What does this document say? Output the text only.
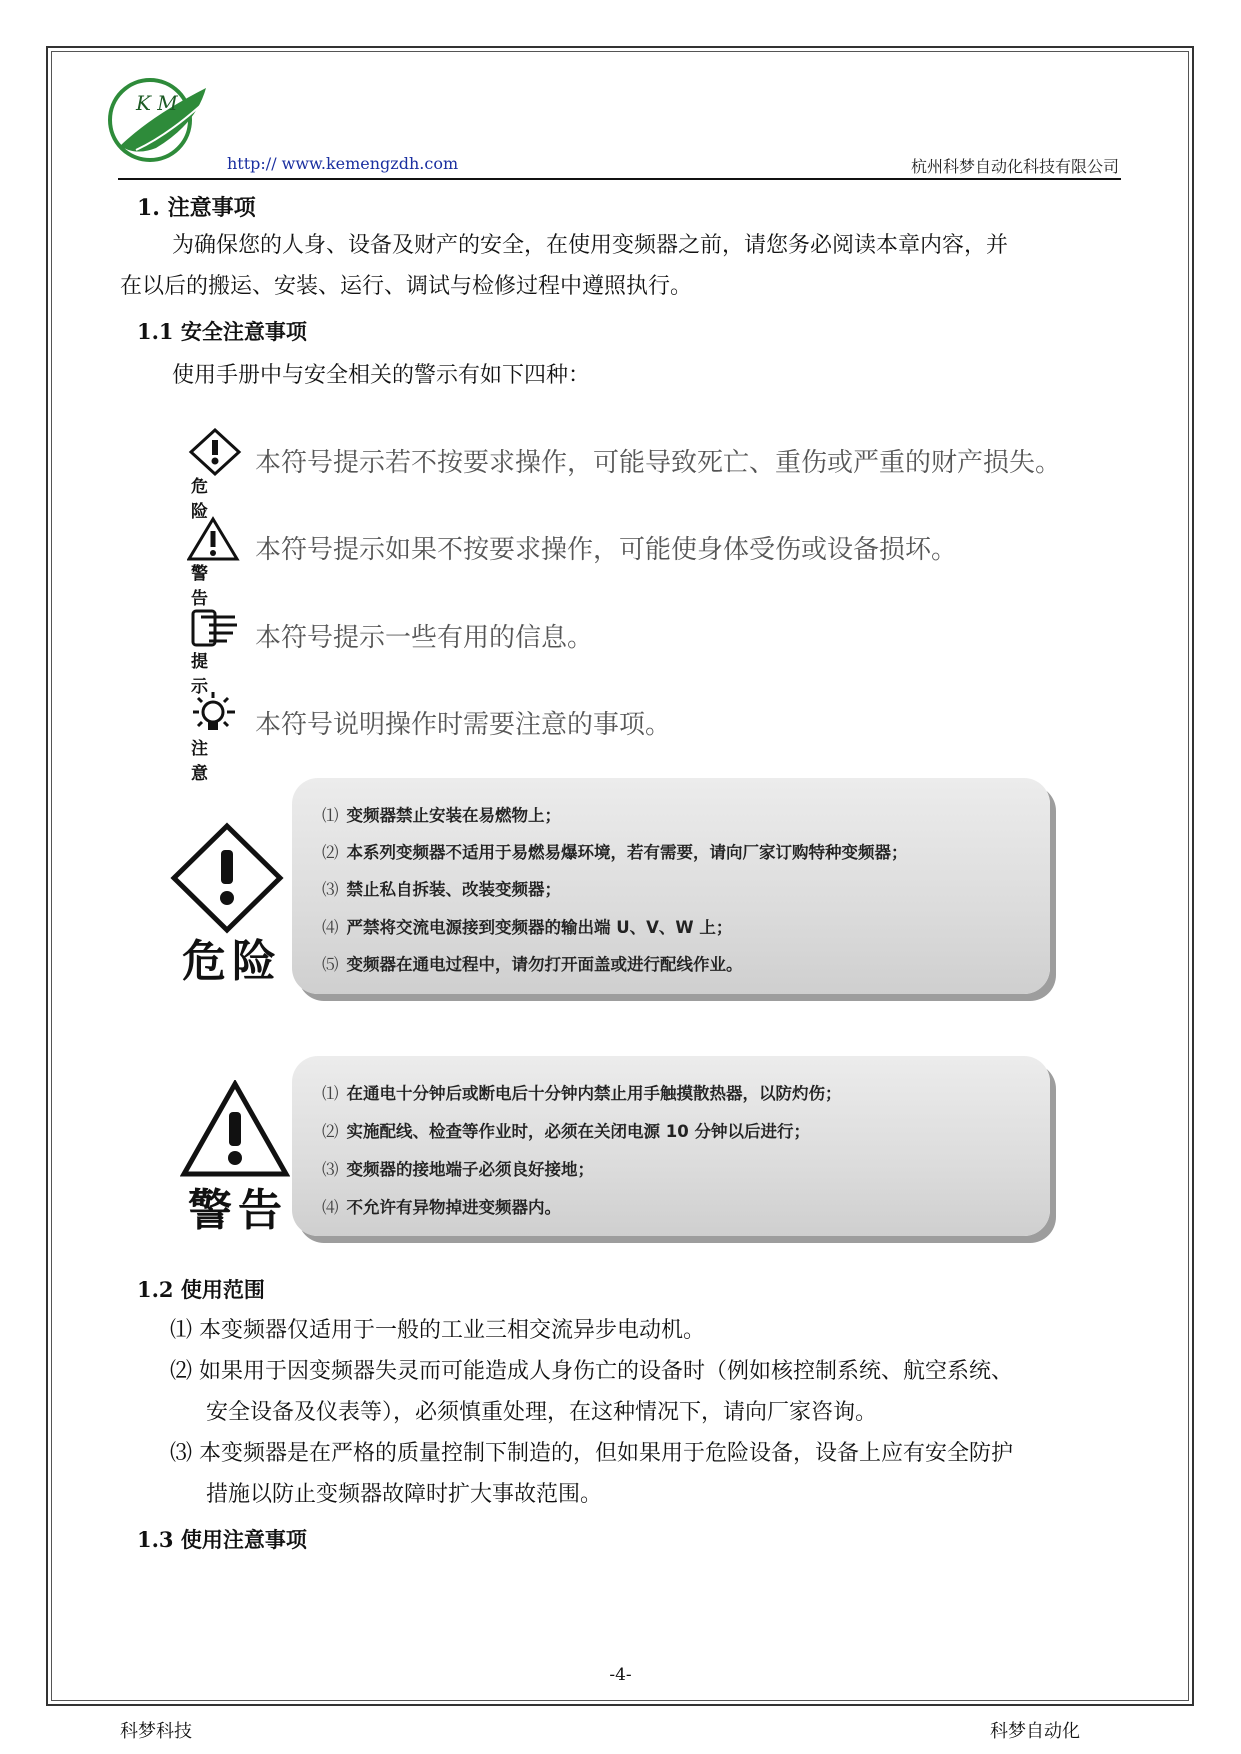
K M
http:// www.kemengzdh.com	杭州科梦自动化科技有限公司
1. 注意事项
为确保您的人身、设备及财产的安全，在使用变频器之前，请您务必阅读本章内容，并
在以后的搬运、安装、运行、调试与检修过程中遵照执行。
1.1 安全注意事项
使用手册中与安全相关的警示有如下四种：
危险
本符号提示若不按要求操作，可能导致死亡、重伤或严重的财产损失。
警告
本符号提示如果不按要求操作，可能使身体受伤或设备损坏。
提示
本符号提示一些有用的信息。
注意
本符号说明操作时需要注意的事项。
危险
⑴ 变频器禁止安装在易燃物上；
⑵ 本系列变频器不适用于易燃易爆环境，若有需要，请向厂家订购特种变频器；
⑶ 禁止私自拆装、改装变频器；
⑷ 严禁将交流电源接到变频器的输出端 U、V、W 上；
⑸ 变频器在通电过程中，请勿打开面盖或进行配线作业。
警告
⑴ 在通电十分钟后或断电后十分钟内禁止用手触摸散热器，以防灼伤；
⑵ 实施配线、检查等作业时，必须在关闭电源 10 分钟以后进行；
⑶ 变频器的接地端子必须良好接地；
⑷ 不允许有异物掉进变频器内。
1.2 使用范围
⑴ 本变频器仅适用于一般的工业三相交流异步电动机。
⑵ 如果用于因变频器失灵而可能造成人身伤亡的设备时（例如核控制系统、航空系统、
安全设备及仪表等），必须慎重处理，在这种情况下，请向厂家咨询。
⑶ 本变频器是在严格的质量控制下制造的，但如果用于危险设备，设备上应有安全防护
措施以防止变频器故障时扩大事故范围。
1.3 使用注意事项
-4-
科梦科技	科梦自动化
